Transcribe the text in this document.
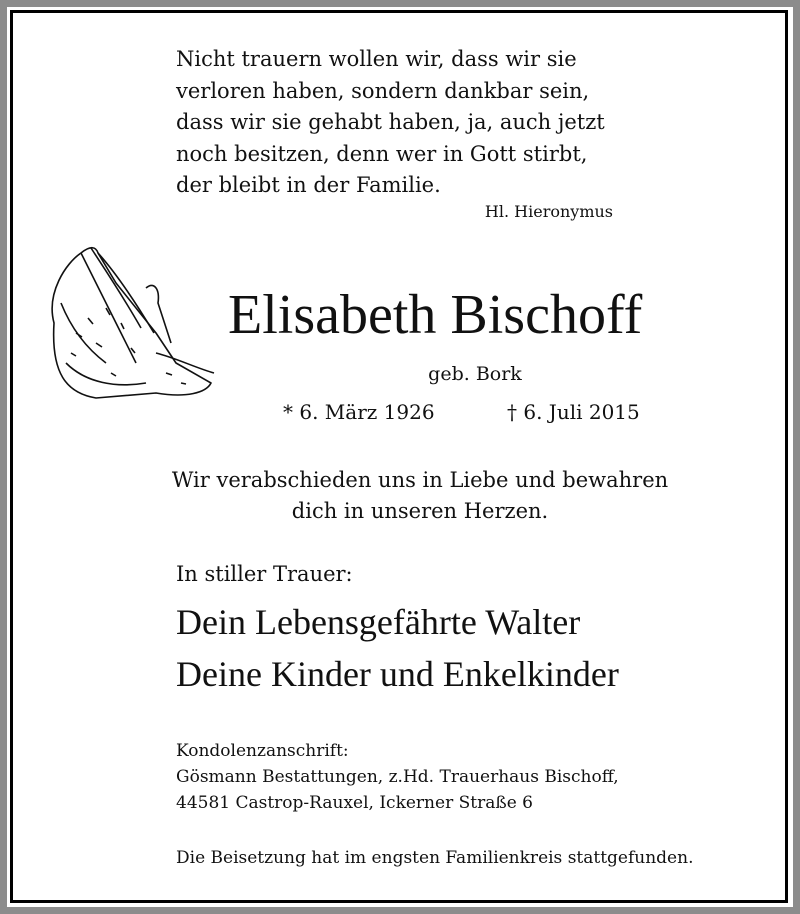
Nicht trauern wollen wir, dass wir sie
verloren haben, sondern dankbar sein,
dass wir sie gehabt haben, ja, auch jetzt
noch besitzen, denn wer in Gott stirbt,
der bleibt in der Familie.
Hl. Hieronymus
Elisabeth Bischoff
geb. Bork
* 6. März 1926	† 6. Juli 2015
Wir verabschieden uns in Liebe und bewahren
dich in unseren Herzen.
In stiller Trauer:
Dein Lebensgefährte Walter
Deine Kinder und Enkelkinder
Kondolenzanschrift:
Gösmann Bestattungen, z.Hd. Trauerhaus Bischoff,
44581 Castrop-Rauxel, Ickerner Straße 6
Die Beisetzung hat im engsten Familienkreis stattgefunden.
